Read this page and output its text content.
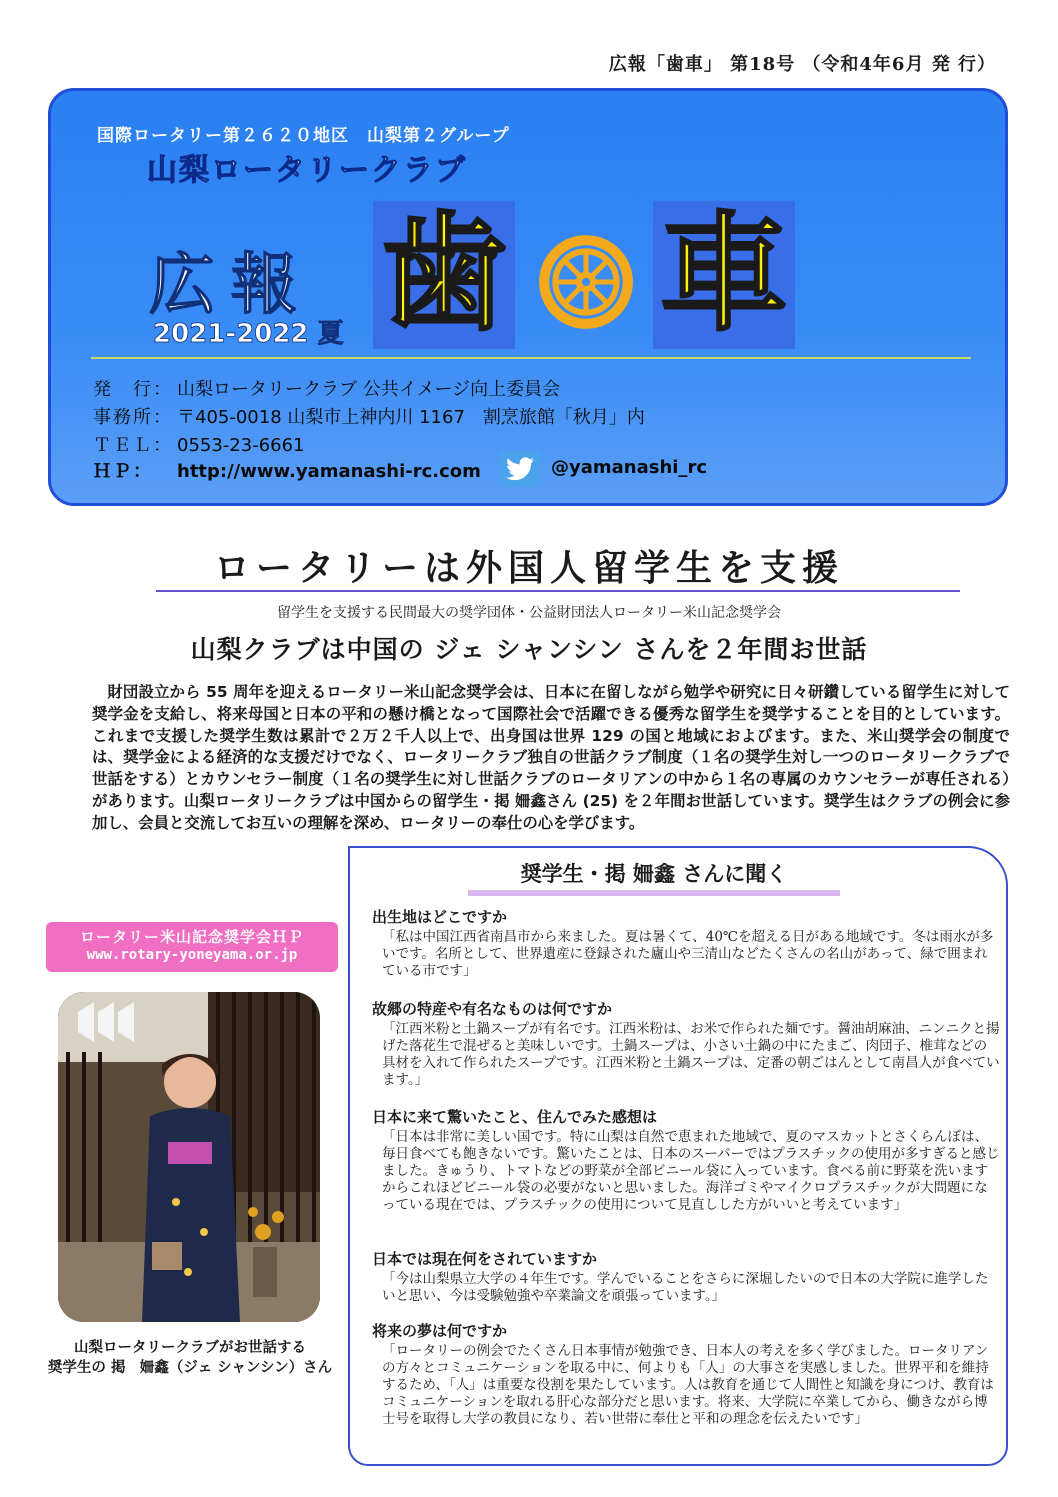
広報「歯車」 第18号 （令和4年6月 発 行）
国際ロータリー第２６２０地区　山梨第２グループ
山梨ロータリークラブ
広報
2021-2022 夏 歯 車
発　行： 山梨ロータリークラブ 公共イメージ向上委員会
事務所： 〒405-0018 山梨市上神内川 1167　割烹旅館「秋月」内
ＴＥＬ： 0553-23-6661
ＨＰ： http://www.yamanashi-rc.com	@yamanashi_rc
ロータリーは外国人留学生を支援
留学生を支援する民間最大の奨学団体・公益財団法人ロータリー米山記念奨学会
山梨クラブは中国の ジェ シャンシン さんを２年間お世話
財団設立から 55 周年を迎えるロータリー米山記念奨学会は、日本に在留しながら勉学や研究に日々研鑽している留学生に対して奨学金を支給し、将来母国と日本の平和の懸け橋となって国際社会で活躍できる優秀な留学生を奨学することを目的としています。これまで支援した奨学生数は累計で２万２千人以上で、出身国は世界 129 の国と地域におよびます。また、米山奨学会の制度では、奨学金による経済的な支援だけでなく、ロータリークラブ独自の世話クラブ制度（１名の奨学生対し一つのロータリークラブで世話をする）とカウンセラー制度（１名の奨学生に対し世話クラブのロータリアンの中から１名の専属のカウンセラーが専任される）があります。山梨ロータリークラブは中国からの留学生・掲 姍鑫さん (25) を２年間お世話しています。奨学生はクラブの例会に参加し、会員と交流してお互いの理解を深め、ロータリーの奉仕の心を学びます。
奨学生・掲 姍鑫 さんに聞く
出生地はどこですか
「私は中国江西省南昌市から来ました。夏は暑くて、40℃を超える日がある地域です。冬は雨水が多いです。名所として、世界遺産に登録された廬山や三清山などたくさんの名山があって、緑で囲まれている市です」
故郷の特産や有名なものは何ですか
「江西米粉と土鍋スープが有名です。江西米粉は、お米で作られた麺です。醤油胡麻油、ニンニクと揚げた落花生で混ぜると美味しいです。土鍋スープは、小さい土鍋の中にたまご、肉団子、椎茸などの具材を入れて作られたスープです。江西米粉と土鍋スープは、定番の朝ごはんとして南昌人が食べています。」
日本に来て驚いたこと、住んでみた感想は
「日本は非常に美しい国です。特に山梨は自然で恵まれた地域で、夏のマスカットとさくらんぼは、毎日食べても飽きないです。驚いたことは、日本のスーパーではプラスチックの使用が多すぎると感じました。きゅうり、トマトなどの野菜が全部ビニール袋に入っています。食べる前に野菜を洗いますからこれほどビニール袋の必要がないと思いました。海洋ゴミやマイクロプラスチックが大問題になっている現在では、プラスチックの使用について見直しした方がいいと考えています」
日本では現在何をされていますか
「今は山梨県立大学の４年生です。学んでいることをさらに深堀したいので日本の大学院に進学したいと思い、今は受験勉強や卒業論文を頑張っています。」
将来の夢は何ですか
「ロータリーの例会でたくさん日本事情が勉強でき、日本人の考えを多く学びました。ロータリアンの方々とコミュニケーションを取る中に、何よりも「人」の大事さを実感しました。世界平和を維持するため、「人」は重要な役割を果たしています。人は教育を通じて人間性と知識を身につけ、教育はコミュニケーションを取れる肝心な部分だと思います。将来、大学院に卒業してから、働きながら博士号を取得し大学の教員になり、若い世帯に奉仕と平和の理念を伝えたいです」
ロータリー米山記念奨学会ＨＰ
www.rotary-yoneyama.or.jp
山梨ロータリークラブがお世話する
奨学生の 掲　姍鑫（ジェ シャンシン）さん
